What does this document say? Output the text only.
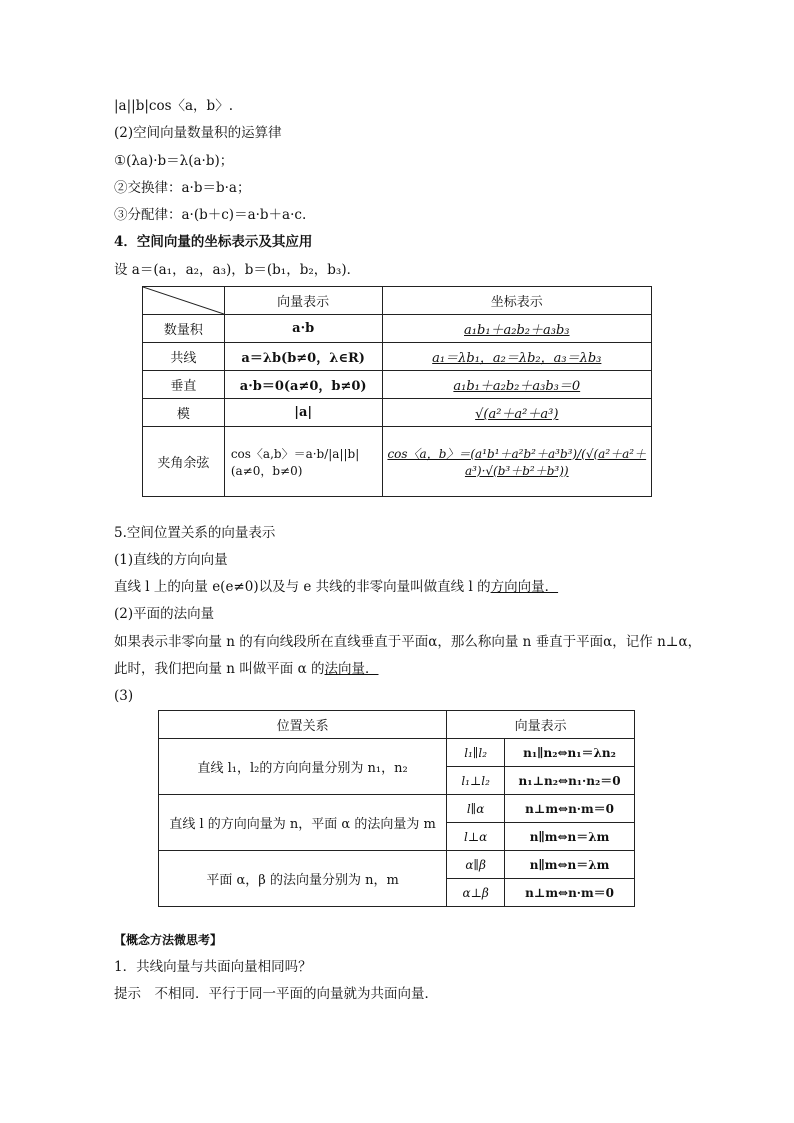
|a||b|cos〈a，b〉.
(2)空间向量数量积的运算律
①(λa)·b＝λ(a·b)；
②交换律：a·b＝b·a；
③分配律：a·(b＋c)＝a·b＋a·c.
4．空间向量的坐标表示及其应用
设 a＝(a₁，a₂，a₃)，b＝(b₁，b₂，b₃)．
	向量表示	坐标表示
数量积	a·b	a₁b₁＋a₂b₂＋a₃b₃
共线	a＝λb(b≠0，λ∈R)	a₁＝λb₁，a₂＝λb₂，a₃＝λb₃
垂直	a·b＝0(a≠0，b≠0)	a₁b₁＋a₂b₂＋a₃b₃＝0
模	|a|	√(a²＋a²＋a³)
夹角余弦	cos〈a,b〉＝a·b/|a||b|(a≠0，b≠0)	cos〈a，b〉＝(a¹b¹＋a²b²＋a³b³)/(√(a²＋a²＋a³)·√(b³＋b²＋b³))
5.空间位置关系的向量表示
(1)直线的方向向量
直线 l 上的向量 e(e≠0)以及与 e 共线的非零向量叫做直线 l 的方向向量．
(2)平面的法向量
如果表示非零向量 n 的有向线段所在直线垂直于平面α，那么称向量 n 垂直于平面α，记作 n⊥α，
此时，我们把向量 n 叫做平面 α 的法向量．
(3)
位置关系	向量表示	
直线 l₁，l₂的方向向量分别为 n₁，n₂	l₁∥l₂	n₁∥n₂⇔n₁＝λn₂
	l₁⊥l₂	n₁⊥n₂⇔n₁·n₂＝0
直线 l 的方向向量为 n，平面 α 的法向量为 m	l∥α	n⊥m⇔n·m＝0
	l⊥α	n∥m⇔n＝λm
平面 α，β 的法向量分别为 n，m	α∥β	n∥m⇔n＝λm
	α⊥β	n⊥m⇔n·m＝0
【概念方法微思考】
1．共线向量与共面向量相同吗？
提示　不相同．平行于同一平面的向量就为共面向量．
